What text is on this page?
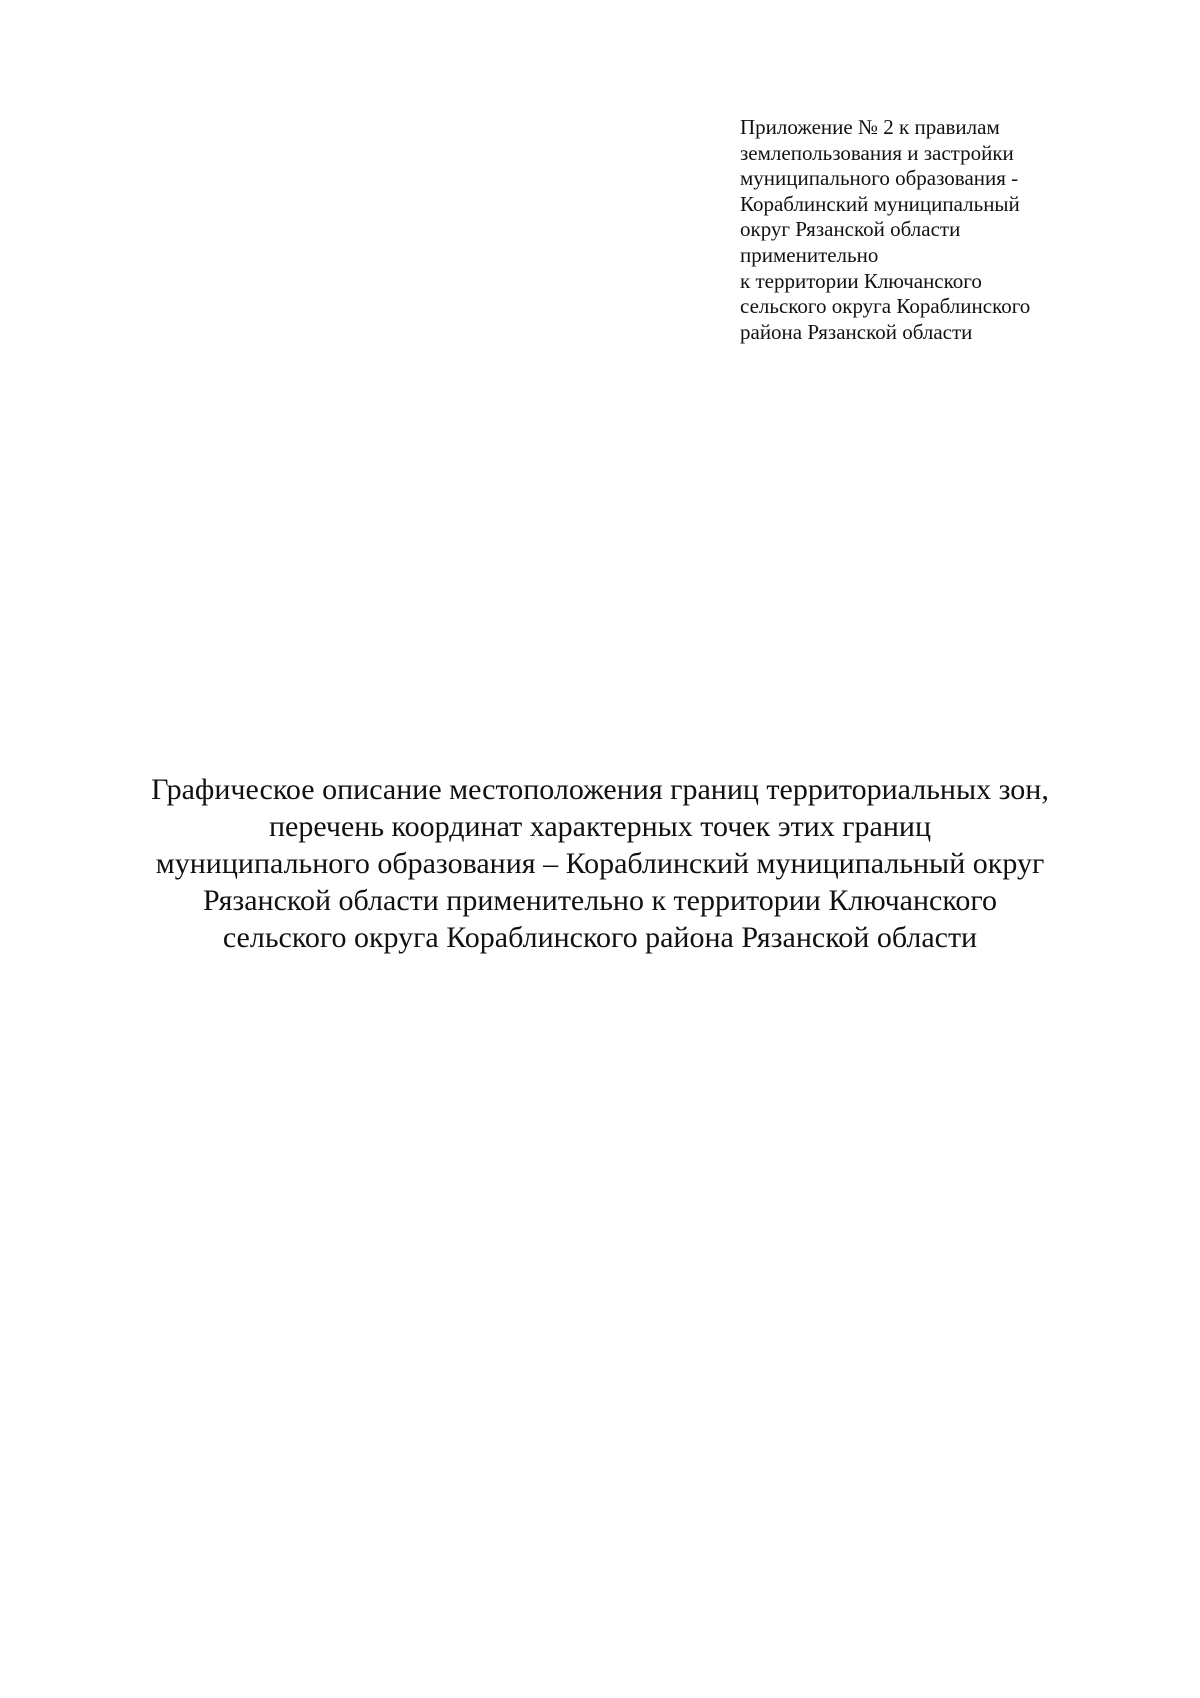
Приложение № 2 к правилам
землепользования и застройки
муниципального образования -
Кораблинский муниципальный
округ Рязанской области
применительно
к территории Ключанского
сельского округа Кораблинского
района Рязанской области
Графическое описание местоположения границ территориальных зон,
перечень координат характерных точек этих границ
муниципального образования – Кораблинский муниципальный округ
Рязанской области применительно к территории Ключанского
сельского округа Кораблинского района Рязанской области
